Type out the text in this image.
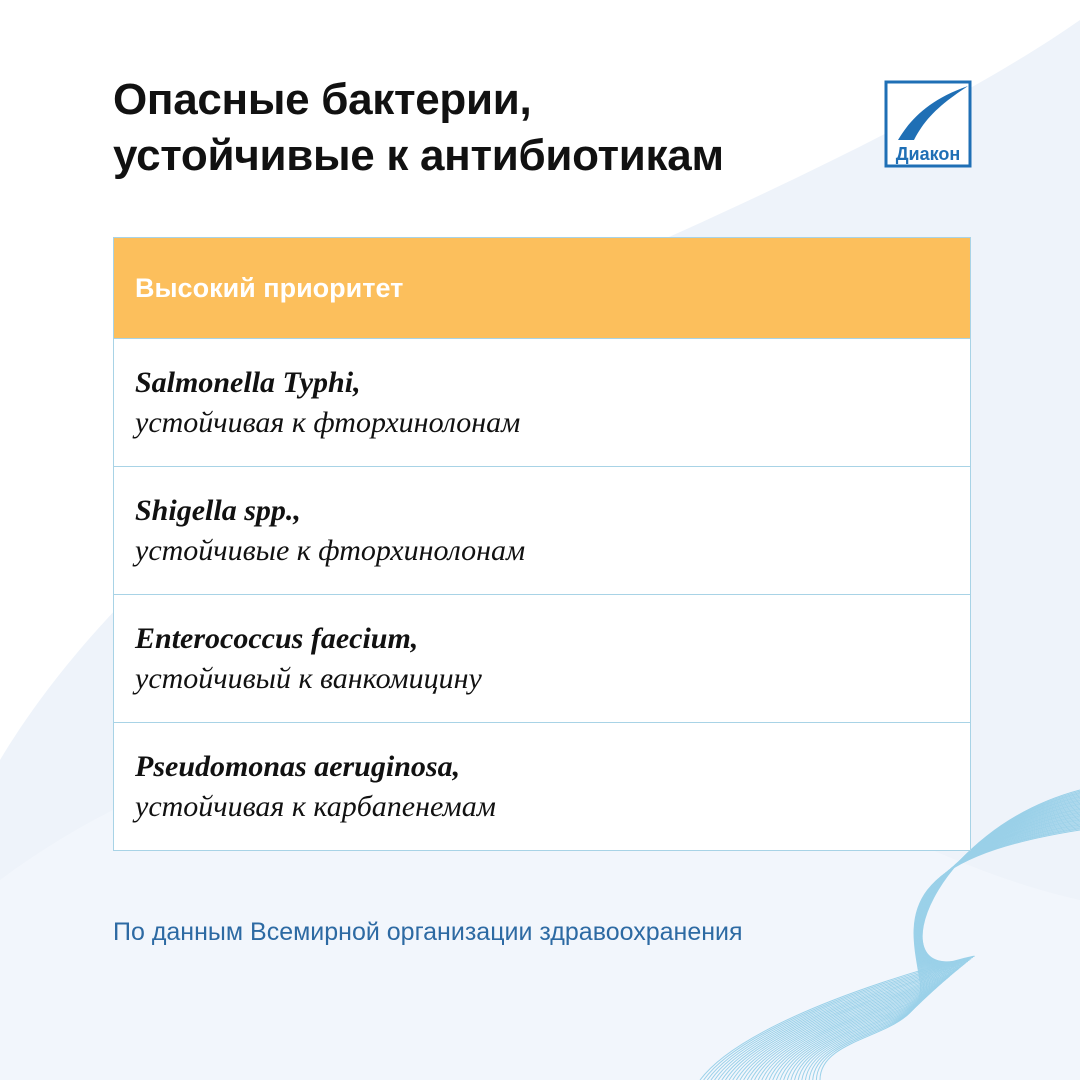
Опасные бактерии,
устойчивые к антибиотикам	Диакон
Высокий приоритет
Salmonella Typhi,
устойчивая к фторхинолонам
Shigella spp.,
устойчивые к фторхинолонам
Enterococcus faecium,
устойчивый к ванкомицину
Pseudomonas aeruginosa,
устойчивая к карбапенемам
По данным Всемирной организации здравоохранения
